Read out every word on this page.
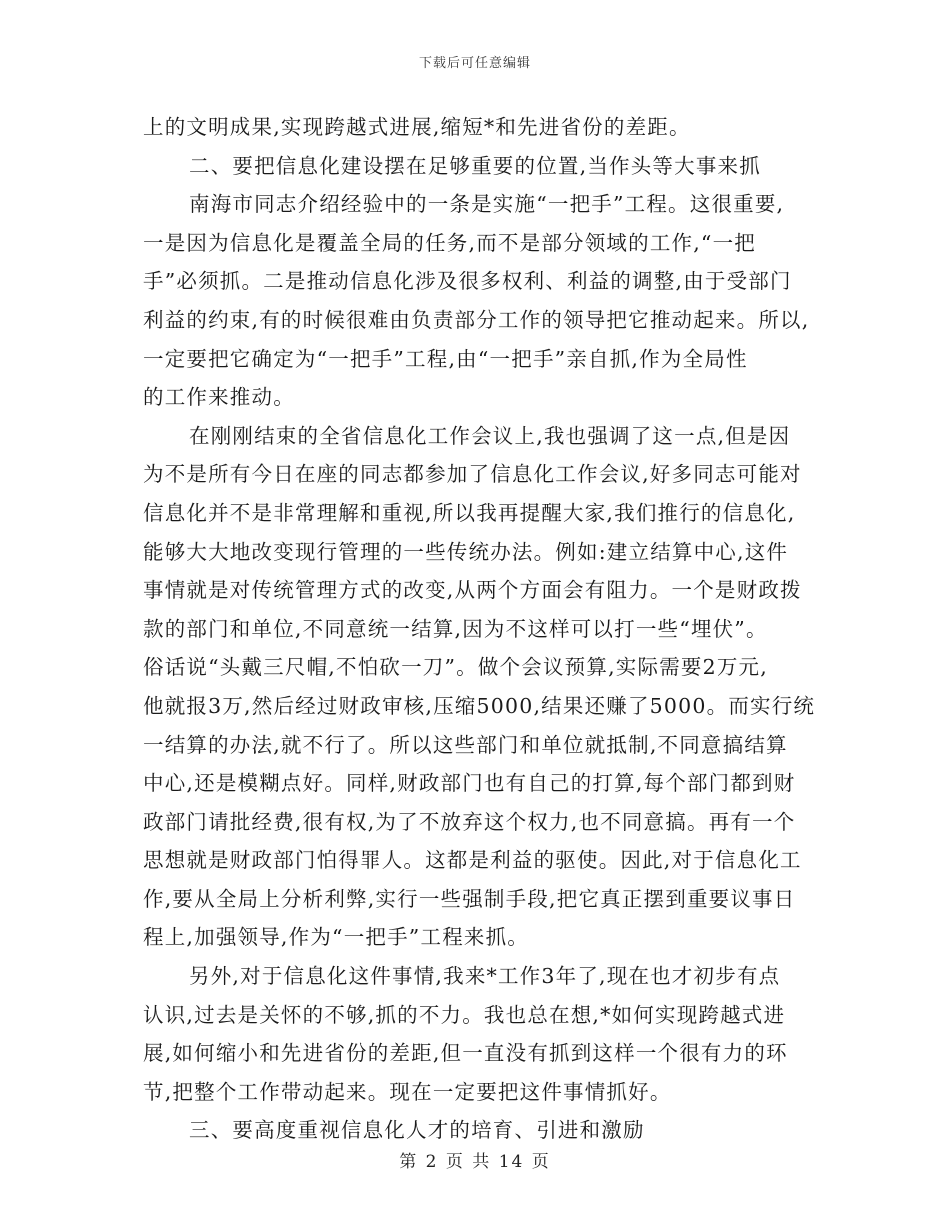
下载后可任意编辑
上的文明成果,实现跨越式进展,缩短*和先进省份的差距。
二、要把信息化建设摆在足够重要的位置,当作头等大事来抓
南海市同志介绍经验中的一条是实施“一把手”工程。这很重要,
一是因为信息化是覆盖全局的任务,而不是部分领域的工作,“一把
手”必须抓。二是推动信息化涉及很多权利、利益的调整,由于受部门
利益的约束,有的时候很难由负责部分工作的领导把它推动起来。所以,
一定要把它确定为“一把手”工程,由“一把手”亲自抓,作为全局性
的工作来推动。
在刚刚结束的全省信息化工作会议上,我也强调了这一点,但是因
为不是所有今日在座的同志都参加了信息化工作会议,好多同志可能对
信息化并不是非常理解和重视,所以我再提醒大家,我们推行的信息化,
能够大大地改变现行管理的一些传统办法。例如:建立结算中心,这件
事情就是对传统管理方式的改变,从两个方面会有阻力。一个是财政拨
款的部门和单位,不同意统一结算,因为不这样可以打一些“埋伏”。
俗话说“头戴三尺帽,不怕砍一刀”。做个会议预算,实际需要2万元,
他就报3万,然后经过财政审核,压缩5000,结果还赚了5000。而实行统
一结算的办法,就不行了。所以这些部门和单位就抵制,不同意搞结算
中心,还是模糊点好。同样,财政部门也有自己的打算,每个部门都到财
政部门请批经费,很有权,为了不放弃这个权力,也不同意搞。再有一个
思想就是财政部门怕得罪人。这都是利益的驱使。因此,对于信息化工
作,要从全局上分析利弊,实行一些强制手段,把它真正摆到重要议事日
程上,加强领导,作为“一把手”工程来抓。
另外,对于信息化这件事情,我来*工作3年了,现在也才初步有点
认识,过去是关怀的不够,抓的不力。我也总在想,*如何实现跨越式进
展,如何缩小和先进省份的差距,但一直没有抓到这样一个很有力的环
节,把整个工作带动起来。现在一定要把这件事情抓好。
三、要高度重视信息化人才的培育、引进和激励
第 2 页 共 14 页
